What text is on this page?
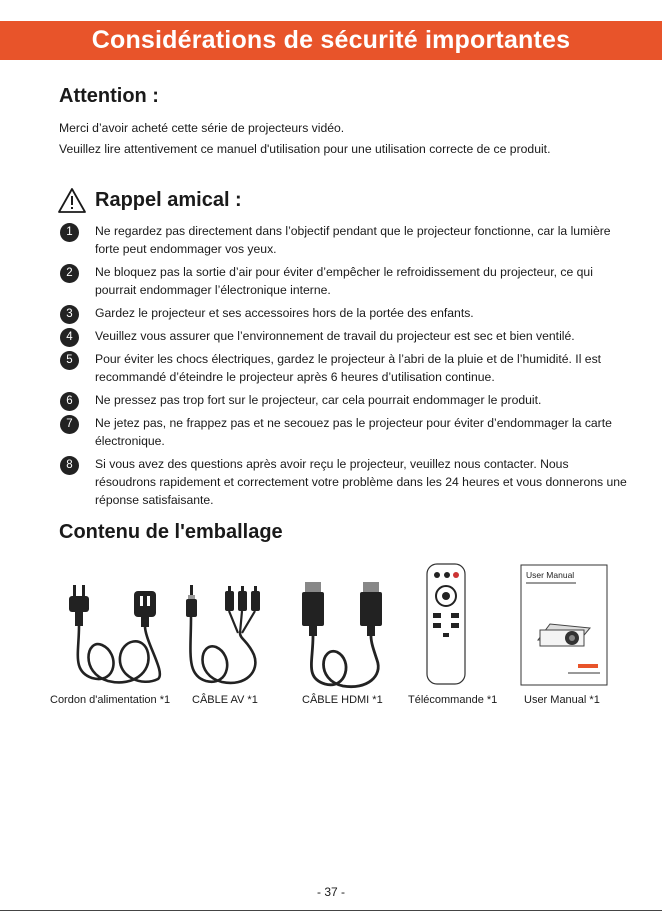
Considérations de sécurité importantes
Attention :

Merci d’avoir acheté cette série de projecteurs vidéo.

Veuillez lire attentivement ce manuel d'utilisation pour une utilisation correcte de ce produit.

Rappel amical :
1	Ne regardez pas directement dans l’objectif pendant que le projecteur fonctionne, car la lumière forte peut endommager vos yeux.
2	Ne bloquez pas la sortie d’air pour éviter d’empêcher le refroidissement du projecteur, ce qui pourrait endommager l’électronique interne.
3	Gardez le projecteur et ses accessoires hors de la portée des enfants.
4	Veuillez vous assurer que l’environnement de travail du projecteur est sec et bien ventilé.
5	Pour éviter les chocs électriques, gardez le projecteur à l’abri de la pluie et de l’humidité. Il est recommandé d’éteindre le projecteur après 6 heures d’utilisation continue.
6	Ne pressez pas trop fort sur le projecteur, car cela pourrait endommager le produit.
7	Ne jetez pas, ne frappez pas et ne secouez pas le projecteur pour éviter d’endommager la carte électronique.
8	Si vous avez des questions après avoir reçu le projecteur, veuillez nous contacter. Nous résoudrons rapidement et correctement votre problème dans les 24 heures et vous donnerons une réponse satisfaisante.
Contenu de l'emballage
User Manual
Cordon d'alimentation *1 CÂBLE AV *1	CÂBLE HDMI *1 Télécommande *1 User Manual *1
- 37 -
